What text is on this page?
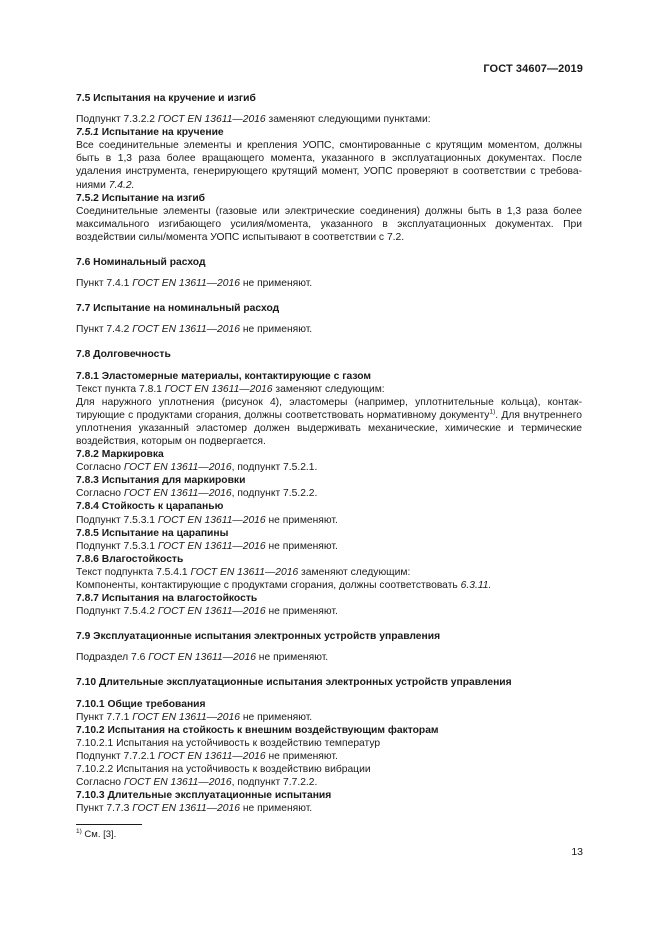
ГОСТ 34607—2019

7.5 Испытания на кручение и изгиб

Подпункт 7.3.2.2 ГОСТ EN 13611—2016 заменяют следующими пунктами:

7.5.1 Испытание на кручение

Все соединительные элементы и крепления УОПС, смонтированные с крутящим моментом, должны быть в 1,3 раза более вращающего момента, указанного в эксплуатационных документах. После удаления инструмента, генерирующего крутящий момент, УОПС проверяют в соответствии с требованиями 7.4.2.

7.5.2 Испытание на изгиб

Соединительные элементы (газовые или электрические соединения) должны быть в 1,3 раза более максимального изгибающего усилия/момента, указанного в эксплуатационных документах. При воздействии силы/момента УОПС испытывают в соответствии с 7.2.

7.6 Номинальный расход

Пункт 7.4.1 ГОСТ EN 13611—2016 не применяют.

7.7 Испытание на номинальный расход

Пункт 7.4.2 ГОСТ EN 13611—2016 не применяют.

7.8 Долговечность

7.8.1 Эластомерные материалы, контактирующие с газом

Текст пункта 7.8.1 ГОСТ EN 13611—2016 заменяют следующим:

Для наружного уплотнения (рисунок 4), эластомеры (например, уплотнительные кольца), контактирующие с продуктами сгорания, должны соответствовать нормативному документу$^{1)}$. Для внутреннего уплотнения указанный эластомер должен выдерживать механические, химические и термические воздействия, которым он подвергается.

7.8.2 Маркировка

Согласно ГОСТ EN 13611—2016, подпункт 7.5.2.1.

7.8.3 Испытания для маркировки

Согласно ГОСТ EN 13611—2016, подпункт 7.5.2.2.

7.8.4 Стойкость к царапанью

Подпункт 7.5.3.1 ГОСТ EN 13611—2016 не применяют.

7.8.5 Испытание на царапины

Подпункт 7.5.3.1 ГОСТ EN 13611—2016 не применяют.

7.8.6 Влагостойкость

Текст подпункта 7.5.4.1 ГОСТ EN 13611—2016 заменяют следующим:

Компоненты, контактирующие с продуктами сгорания, должны соответствовать 6.3.11.

7.8.7 Испытания на влагостойкость

Подпункт 7.5.4.2 ГОСТ EN 13611—2016 не применяют.

7.9 Эксплуатационные испытания электронных устройств управления

Подраздел 7.6 ГОСТ EN 13611—2016 не применяют.

7.10 Длительные эксплуатационные испытания электронных устройств управления

7.10.1 Общие требования

Пункт 7.7.1 ГОСТ EN 13611—2016 не применяют.

7.10.2 Испытания на стойкость к внешним воздействующим факторам

7.10.2.1 Испытания на устойчивость к воздействию температур

Подпункт 7.7.2.1 ГОСТ EN 13611—2016 не применяют.

7.10.2.2 Испытания на устойчивость к воздействию вибрации

Согласно ГОСТ EN 13611—2016, подпункт 7.7.2.2.

7.10.3 Длительные эксплуатационные испытания

Пункт 7.7.3 ГОСТ EN 13611—2016 не применяют.

$^{1)}$ См. [3].
13
